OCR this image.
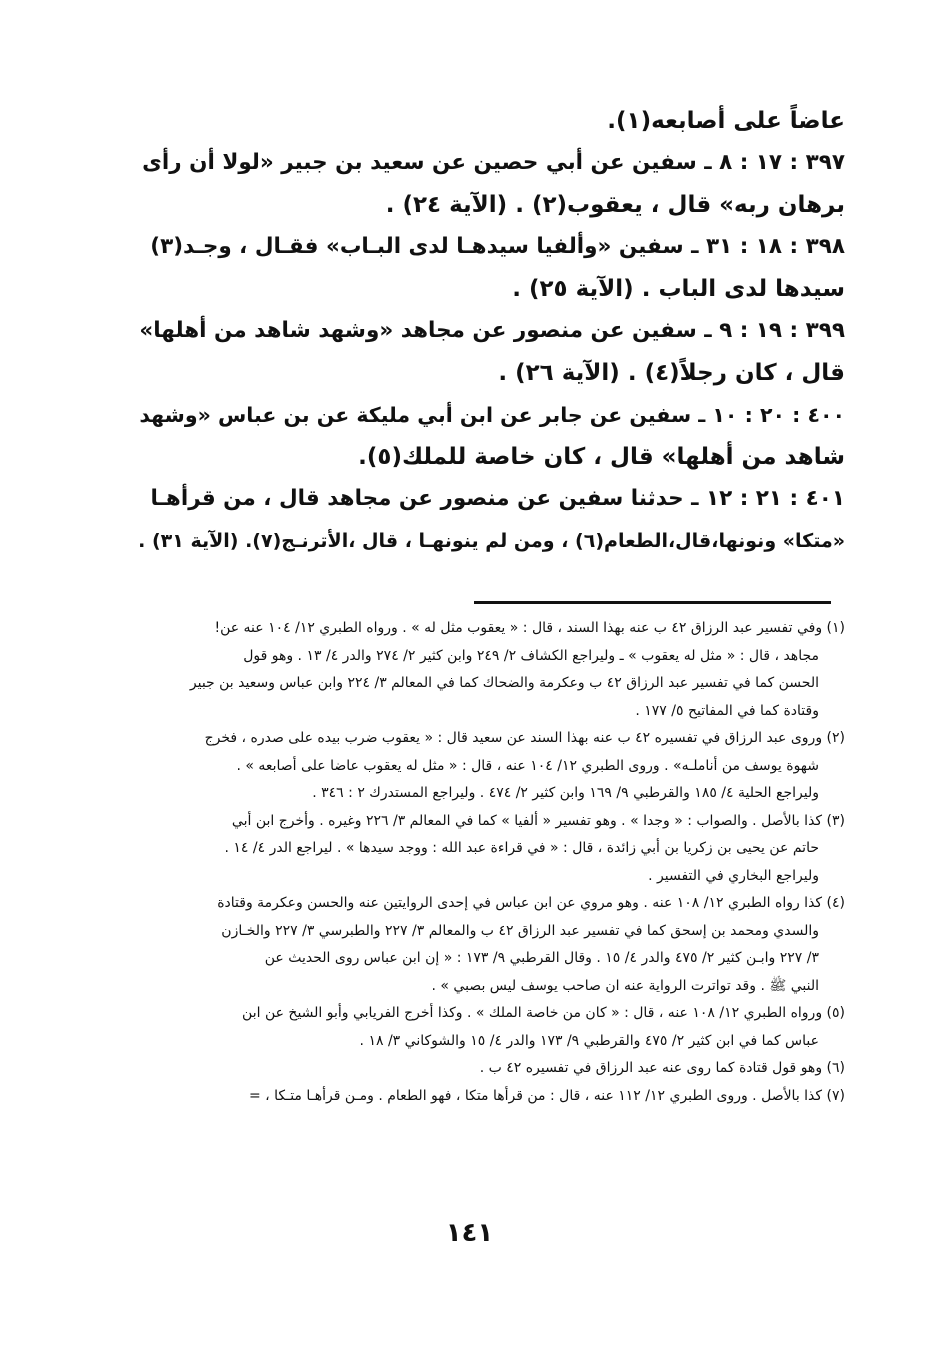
عاضاً على أصابعه(١).
٣٩٧ : ١٧ : ٨ ـ سفين عن أبي حصين عن سعيد بن جبير «لولا أن رأى
برهان ربه» قال ، يعقوب(٢) . (الآية ٢٤) .
٣٩٨ : ١٨ : ٣١ ـ سفين «وألفيا سيدهـا لدى البـاب» فقـال ، وجـد(٣)
سيدها لدى الباب . (الآية ٢٥) .
٣٩٩ : ١٩ : ٩ ـ سفين عن منصور عن مجاهد «وشهد شاهد من أهلها»
قال ، كان رجلاً(٤) . (الآية ٢٦) .
٤٠٠ : ٢٠ : ١٠ ـ سفين عن جابر عن ابن أبي مليكة عن بن عباس «وشهد
شاهد من أهلها» قال ، كان خاصة للملك(٥).
٤٠١ : ٢١ : ١٢ ـ حدثنا سفين عن منصور عن مجاهد قال ، من قرأهـا
«متكا» ونونها،قال،الطعام(٦) ، ومن لم ينونهـا ، قال ،الأترنـج(٧). (الآية ٣١) .
(١) وفي تفسير عبد الرزاق ٤٢ ب عنه بهذا السند ، قال : « يعقوب مثل له » . ورواه الطبري ١٢/ ١٠٤ عنه عن!
مجاهد ، قال : « مثل له يعقوب » ـ وليراجع الكشاف ٢/ ٢٤٩ وابن كثير ٢/ ٢٧٤ والدر ٤/ ١٣ . وهو قول
الحسن كما في تفسير عبد الرزاق ٤٢ ب وعكرمة والضحاك كما في المعالم ٣/ ٢٢٤ وابن عباس وسعيد بن جبير
وقتادة كما في المفاتيح ٥/ ١٧٧ .
(٢) وروى عبد الرزاق في تفسيره ٤٢ ب عنه بهذا السند عن سعيد قال : « يعقوب ضرب بيده على صدره ، فخرج
شهوة يوسف من أناملـه» . وروى الطبري ١٢/ ١٠٤ عنه ، قال : « مثل له يعقوب عاضا على أصابعه » .
وليراجع الحلية ٤/ ١٨٥ والقرطبي ٩/ ١٦٩ وابن كثير ٢/ ٤٧٤ . وليراجع المستدرك ٢ : ٣٤٦ .
(٣) كذا بالأصل . والصواب : « وجدا » . وهو تفسير « ألفيا » كما في المعالم ٣/ ٢٢٦ وغيره . وأخرج ابن أبي
حاتم عن يحيى بن زكريا بن أبي زائدة ، قال : « في قراءة عبد الله : ووجد سيدها » . ليراجع الدر ٤/ ١٤ .
وليراجع البخاري في التفسير .
(٤) كذا رواه الطبري ١٢/ ١٠٨ عنه . وهو مروي عن ابن عباس في إحدى الروايتين عنه والحسن وعكرمة وقتادة
والسدي ومحمد بن إسحق كما في تفسير عبد الرزاق ٤٢ ب والمعالم ٣/ ٢٢٧ والطبرسي ٣/ ٢٢٧ والخـازن
٣/ ٢٢٧ وابـن كثير ٢/ ٤٧٥ والدر ٤/ ١٥ . وقال القرطبي ٩/ ١٧٣ : « إن ابن عباس روى الحديث عن
النبي ﷺ . وقد تواترت الرواية عنه ان صاحب يوسف ليس بصبي » .
(٥) ورواه الطبري ١٢/ ١٠٨ عنه ، قال : « كان من خاصة الملك » . وكذا أخرج الفريابي وأبو الشيخ عن ابن
عباس كما في ابن كثير ٢/ ٤٧٥ والقرطبي ٩/ ١٧٣ والدر ٤/ ١٥ والشوكاني ٣/ ١٨ .
(٦) وهو قول قتادة كما روى عنه عبد الرزاق في تفسيره ٤٢ ب .
(٧) كذا بالأصل . وروى الطبري ١٢/ ١١٢ عنه ، قال : من قرأها متكا ، فهو الطعام . ومـن قرأهـا متـكا ، =
١٤١
